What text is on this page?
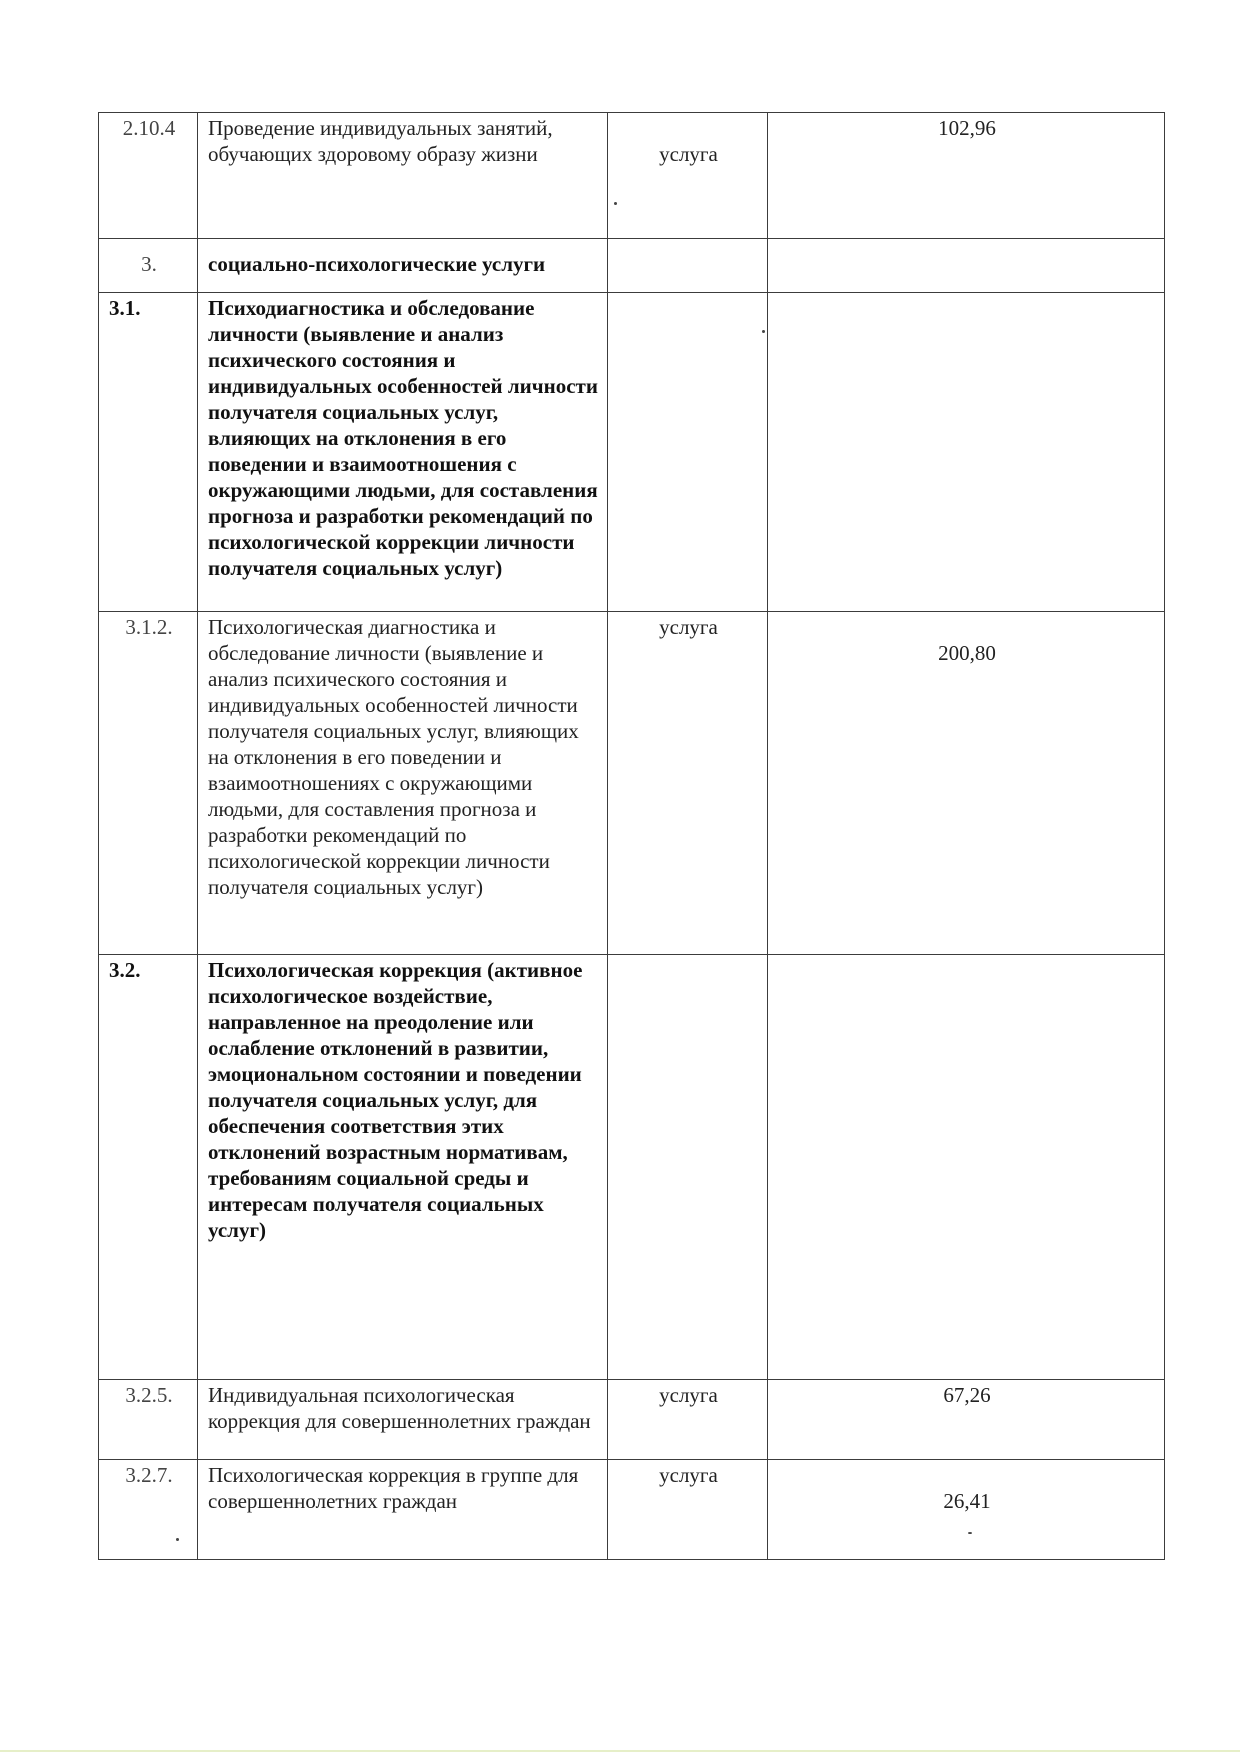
2.10.4	Проведение индивидуальных занятий, обучающих здоровому образу жизни	услуга	102,96
3.	социально-психологические услуги		
3.1.	Психодиагностика и обследование личности (выявление и анализ психического состояния и индивидуальных особенностей личности получателя социальных услуг, влияющих на отклонения в его поведении и взаимоотношения с окружающими людьми, для составления прогноза и разработки рекомендаций по психологической коррекции личности получателя социальных услуг)		
3.1.2.	Психологическая диагностика и обследование личности (выявление и анализ психического состояния и индивидуальных особенностей личности получателя социальных услуг, влияющих на отклонения в его поведении и взаимоотношениях с окружающими людьми, для составления прогноза и разработки рекомендаций по психологической коррекции личности получателя социальных услуг)	услуга	200,80
3.2.	Психологическая коррекция (активное психологическое воздействие, направленное на преодоление или ослабление отклонений в развитии, эмоциональном состоянии и поведении получателя социальных услуг, для обеспечения соответствия этих отклонений возрастным нормативам, требованиям социальной среды и интересам получателя социальных услуг)		
3.2.5.	Индивидуальная психологическая коррекция для совершеннолетних граждан	услуга	67,26
3.2.7.	Психологическая коррекция в группе для совершеннолетних граждан	услуга	26,41
